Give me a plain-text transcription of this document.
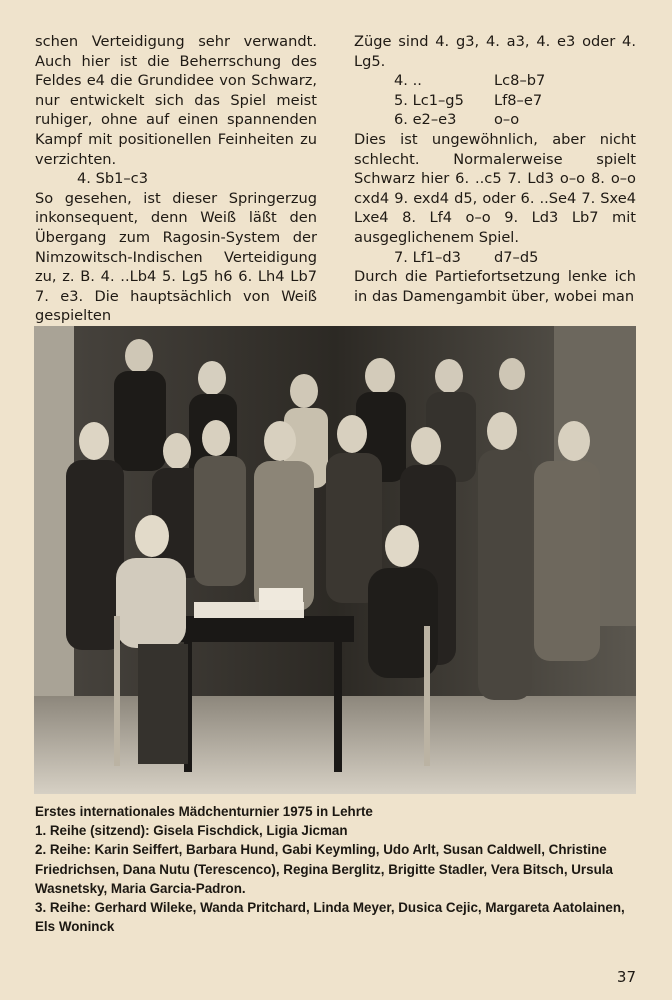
schen Verteidigung sehr verwandt. Auch hier ist die Beherrschung des Feldes e4 die Grundidee von Schwarz, nur entwickelt sich das Spiel meist ruhiger, ohne auf einen spannenden Kampf mit positionellen Feinheiten zu verzichten.

4. Sb1–c3

So gesehen, ist dieser Springerzug inkonsequent, denn Weiß läßt den Übergang zum Ragosin-System der Nimzowitsch-Indischen Verteidigung zu, z. B. 4. ..Lb4 5. Lg5 h6 6. Lh4 Lb7 7. e3. Die hauptsächlich von Weiß gespielten

Züge sind 4. g3, 4. a3, 4. e3 oder 4. Lg5.

4. ..	Lc8–b7
5. Lc1–g5	Lf8–e7
6. e2–e3	o–o

Dies ist ungewöhnlich, aber nicht schlecht. Normalerweise spielt Schwarz hier 6. ..c5 7. Ld3 o–o 8. o–o cxd4 9. exd4 d5, oder 6. ..Se4 7. Sxe4 Lxe4 8. Lf4 o–o 9. Ld3 Lb7 mit ausgeglichenem Spiel.

7. Lf1–d3	d7–d5

Durch die Partiefortsetzung lenke ich in das Damengambit über, wobei man

Erstes internationales Mädchenturnier 1975 in Lehrte
1. Reihe (sitzend): Gisela Fischdick, Ligia Jicman
2. Reihe: Karin Seiffert, Barbara Hund, Gabi Keymling, Udo Arlt, Susan Caldwell, Christine Friedrichsen, Dana Nutu (Terescenco), Regina Berglitz, Brigitte Stadler, Vera Bitsch, Ursula Wasnetsky, Maria Garcia-Padron.
3. Reihe: Gerhard Wileke, Wanda Pritchard, Linda Meyer, Dusica Cejic, Margareta Aatolainen, Els Woninck
37
